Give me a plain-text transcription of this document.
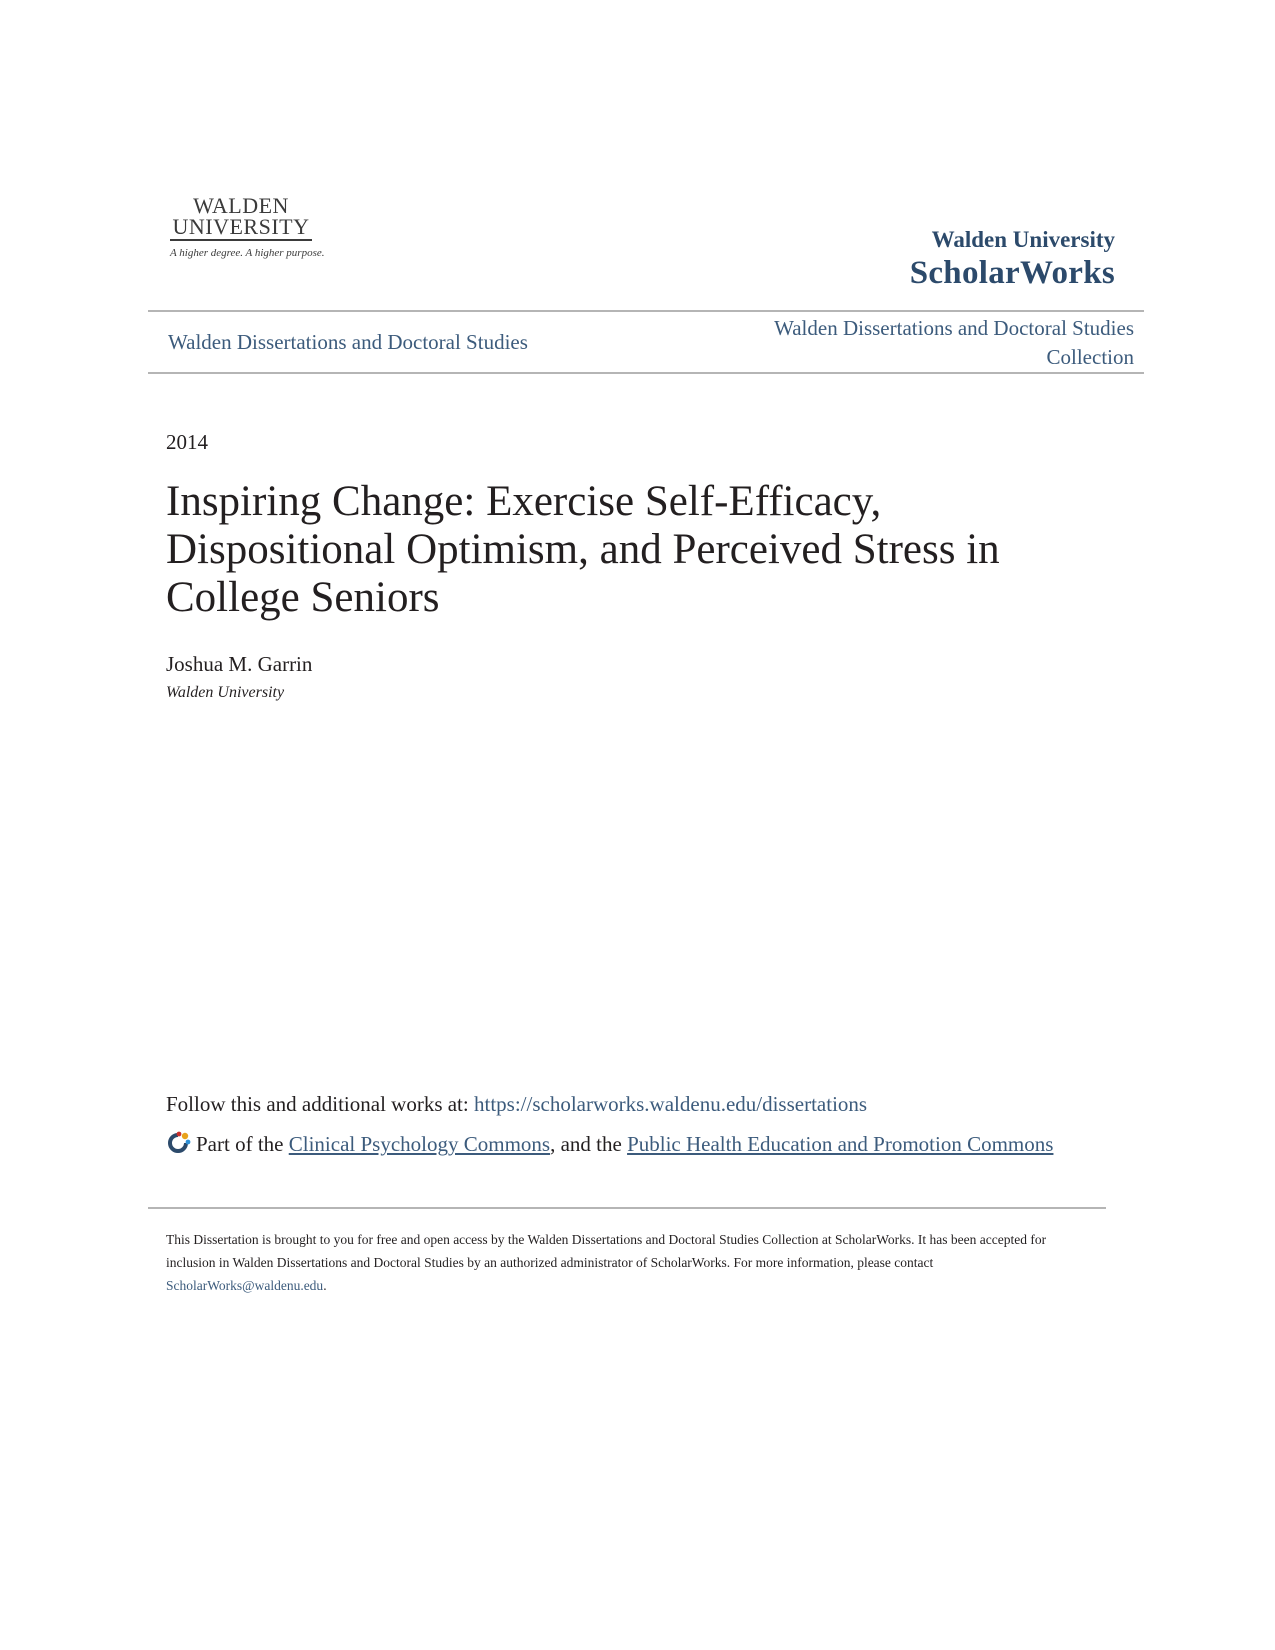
WALDEN
UNIVERSITY
A higher degree. A higher purpose.
Walden University
ScholarWorks
Walden Dissertations and Doctoral Studies
Walden Dissertations and Doctoral Studies
Collection
2014
Inspiring Change: Exercise Self-Efficacy, Dispositional Optimism, and Perceived Stress in College Seniors
Joshua M. Garrin
Walden University
Follow this and additional works at: https://scholarworks.waldenu.edu/dissertations
Part of the Clinical Psychology Commons, and the Public Health Education and Promotion Commons
This Dissertation is brought to you for free and open access by the Walden Dissertations and Doctoral Studies Collection at ScholarWorks. It has been accepted for inclusion in Walden Dissertations and Doctoral Studies by an authorized administrator of ScholarWorks. For more information, please contact ScholarWorks@waldenu.edu.
